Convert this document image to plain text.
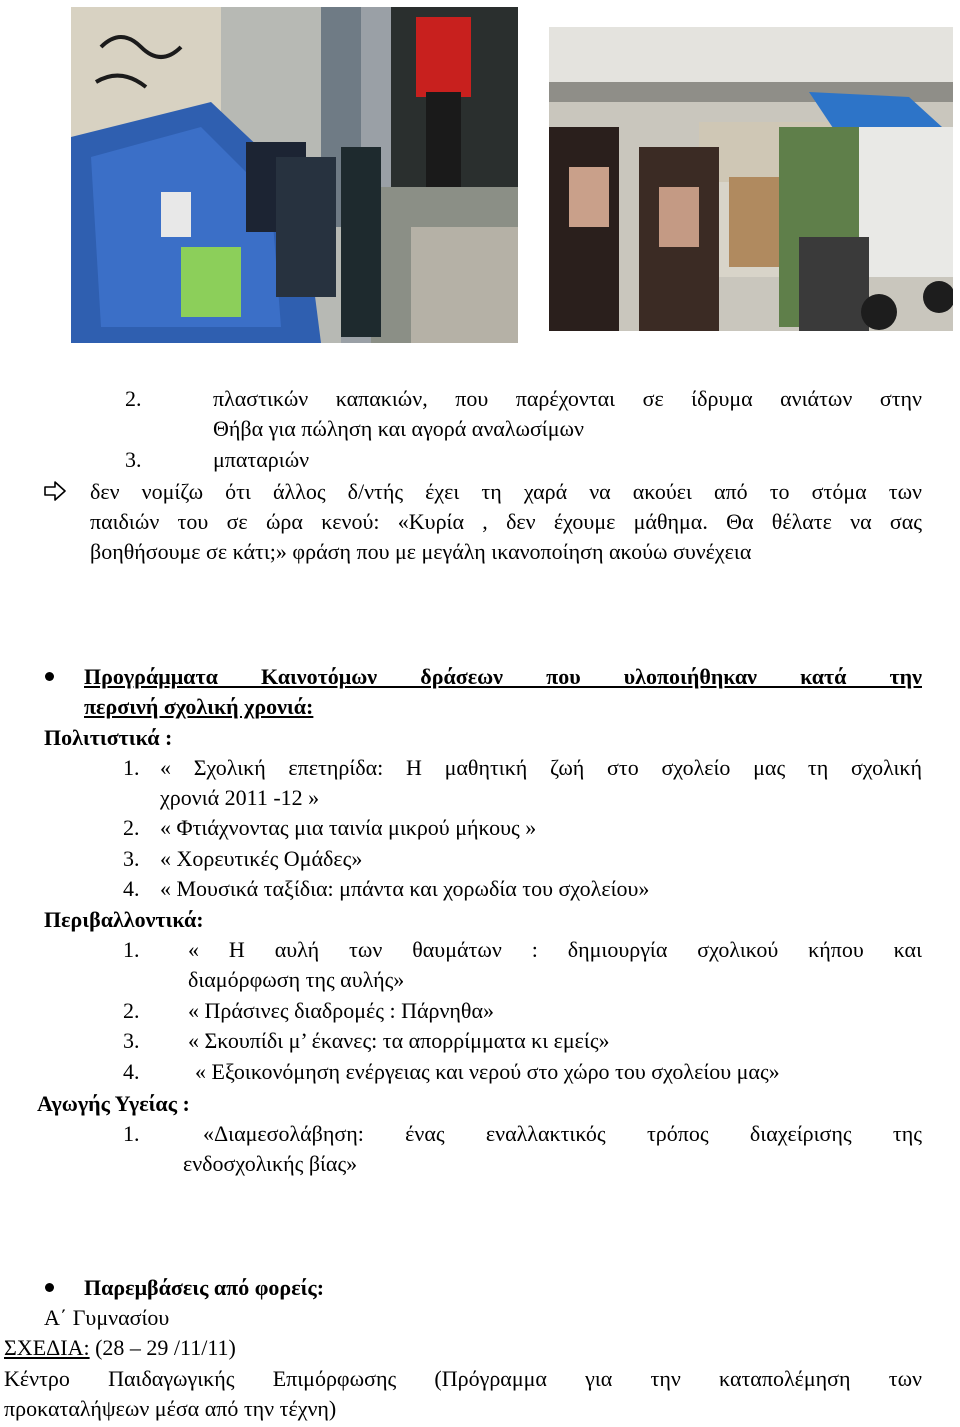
2.	πλαστικών καπακιών, που παρέχονται σε ίδρυμα ανιάτων στην
Θήβα για πώληση και αγορά αναλωσίμων
3.	μπαταριών
δεν νομίζω ότι άλλος δ/ντής έχει τη χαρά να ακούει από το στόμα των
παιδιών του σε ώρα κενού: «Κυρία , δεν έχουμε μάθημα. Θα θέλατε να σας
βοηθήσουμε σε κάτι;» φράση που με μεγάλη ικανοποίηση ακούω συνέχεια
Προγράμματα Καινοτόμων δράσεων που υλοποιήθηκαν κατά την
περσινή σχολική χρονιά:
Πολιτιστικά :
1. « Σχολική επετηρίδα: Η μαθητική ζωή στο σχολείο μας τη σχολική
χρονιά 2011 -12 »
2. « Φτιάχνοντας μια ταινία μικρού μήκους »
3. « Χορευτικές Ομάδες»
4. « Μουσικά ταξίδια: μπάντα και χορωδία του σχολείου»
Περιβαλλοντικά:
1. « Η αυλή των θαυμάτων : δημιουργία σχολικού κήπου και
διαμόρφωση της αυλής»
2. « Πράσινες διαδρομές : Πάρνηθα»
3. « Σκουπίδι μ’ έκανες: τα απορρίμματα κι εμείς»
4.	« Εξοικονόμηση ενέργειας και νερού στο χώρο του σχολείου μας»
Αγωγής Υγείας :
1.	«Διαμεσολάβηση: ένας εναλλακτικός τρόπος διαχείρισης της
ενδοσχολικής βίας»
Παρεμβάσεις από φορείς:
Α΄ Γυμνασίου
ΣΧΕΔΙΑ: (28 – 29 /11/11)
Κέντρο Παιδαγωγικής Επιμόρφωσης (Πρόγραμμα για την καταπολέμηση των
προκαταλήψεων μέσα από την τέχνη)
